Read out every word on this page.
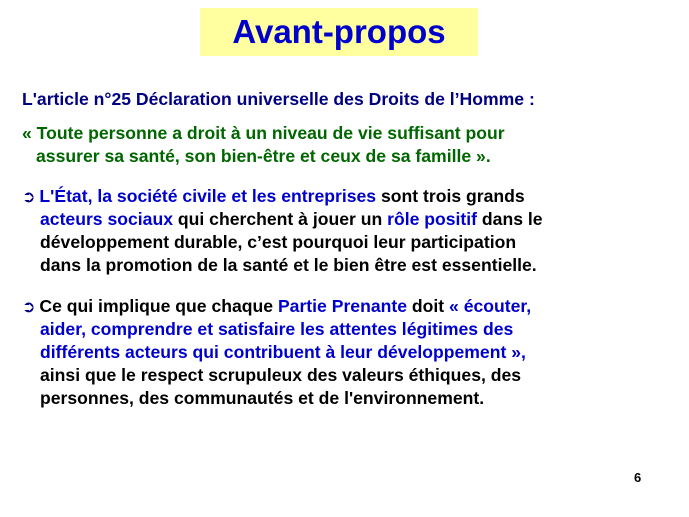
Avant-propos
L'article n°25 Déclaration universelle des Droits de l’Homme :
« Toute personne a droit à un niveau de vie suffisant pour
assurer sa santé, son bien-être et ceux de sa famille ».
➲ L'État, la société civile et les entreprises sont trois grands
acteurs sociaux qui cherchent à jouer un rôle positif dans le
développement durable, c’est pourquoi leur participation
dans la promotion de la santé et le bien être est essentielle.
➲ Ce qui implique que chaque Partie Prenante doit « écouter,
aider, comprendre et satisfaire les attentes légitimes des
différents acteurs qui contribuent à leur développement »,
ainsi que le respect scrupuleux des valeurs éthiques, des
personnes, des communautés et de l'environnement.
6
